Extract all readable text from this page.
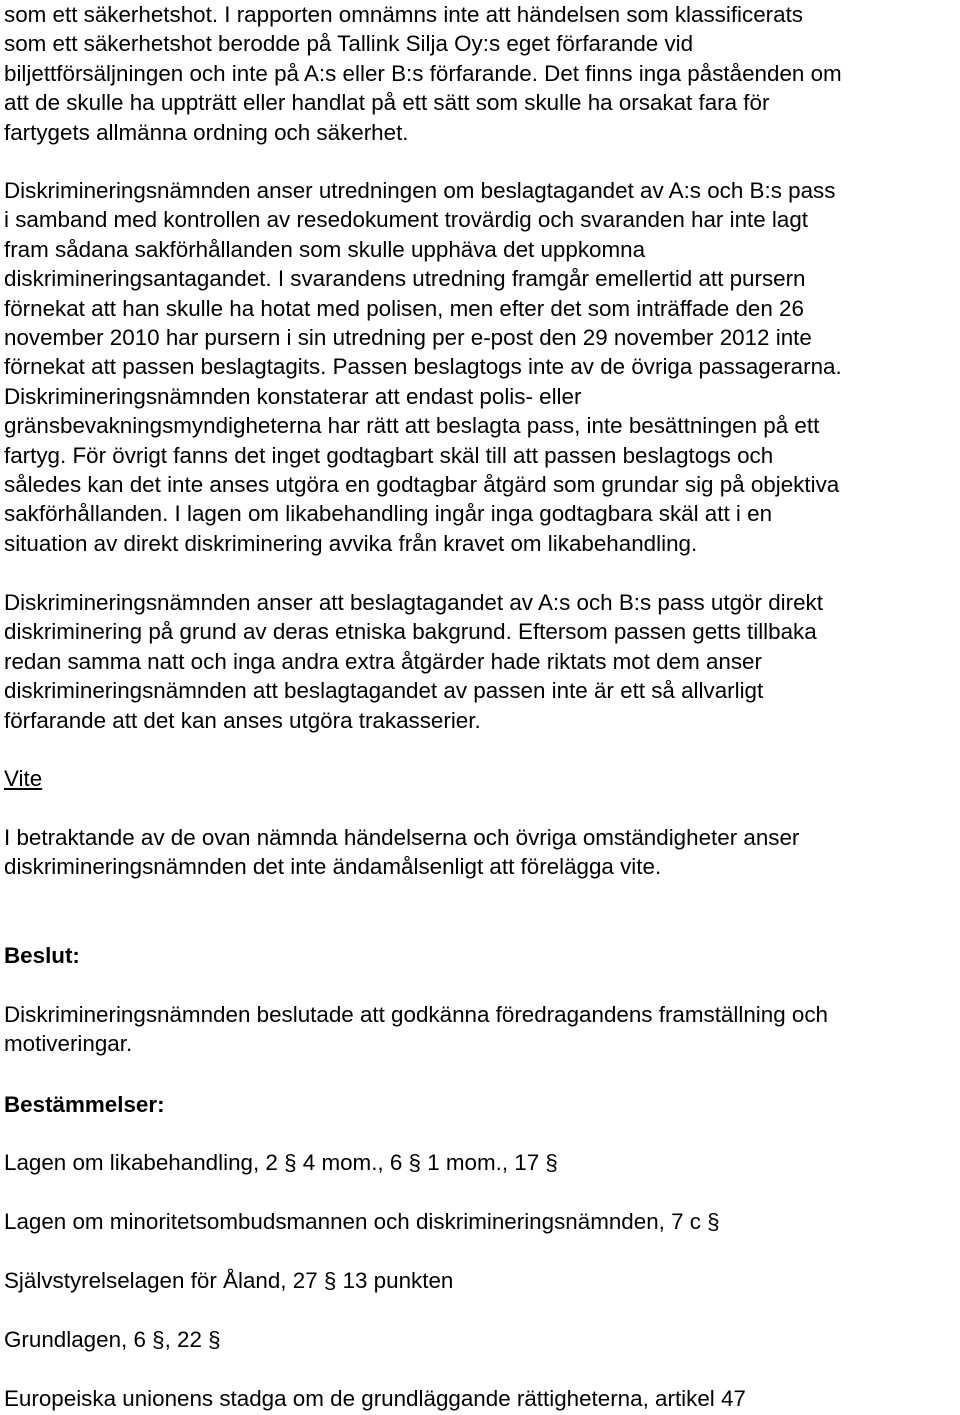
som ett säkerhetshot. I rapporten omnämns inte att händelsen som klassificerats
som ett säkerhetshot berodde på Tallink Silja Oy:s eget förfarande vid
biljettförsäljningen och inte på A:s eller B:s förfarande. Det finns inga påståenden om
att de skulle ha uppträtt eller handlat på ett sätt som skulle ha orsakat fara för
fartygets allmänna ordning och säkerhet.

Diskrimineringsnämnden anser utredningen om beslagtagandet av A:s och B:s pass
i samband med kontrollen av resedokument trovärdig och svaranden har inte lagt
fram sådana sakförhållanden som skulle upphäva det uppkomna
diskrimineringsantagandet. I svarandens utredning framgår emellertid att pursern
förnekat att han skulle ha hotat med polisen, men efter det som inträffade den 26
november 2010 har pursern i sin utredning per e-post den 29 november 2012 inte
förnekat att passen beslagtagits. Passen beslagtogs inte av de övriga passagerarna.
Diskrimineringsnämnden konstaterar att endast polis- eller
gränsbevakningsmyndigheterna har rätt att beslagta pass, inte besättningen på ett
fartyg. För övrigt fanns det inget godtagbart skäl till att passen beslagtogs och
således kan det inte anses utgöra en godtagbar åtgärd som grundar sig på objektiva
sakförhållanden. I lagen om likabehandling ingår inga godtagbara skäl att i en
situation av direkt diskriminering avvika från kravet om likabehandling.

Diskrimineringsnämnden anser att beslagtagandet av A:s och B:s pass utgör direkt
diskriminering på grund av deras etniska bakgrund. Eftersom passen getts tillbaka
redan samma natt och inga andra extra åtgärder hade riktats mot dem anser
diskrimineringsnämnden att beslagtagandet av passen inte är ett så allvarligt
förfarande att det kan anses utgöra trakasserier.

Vite

I betraktande av de ovan nämnda händelserna och övriga omständigheter anser
diskrimineringsnämnden det inte ändamålsenligt att förelägga vite.

Beslut:

Diskrimineringsnämnden beslutade att godkänna föredragandens framställning och
motiveringar.

Bestämmelser:

Lagen om likabehandling, 2 § 4 mom., 6 § 1 mom., 17 §

Lagen om minoritetsombudsmannen och diskrimineringsnämnden, 7 c §

Självstyrelselagen för Åland, 27 § 13 punkten

Grundlagen, 6 §, 22 §

Europeiska unionens stadga om de grundläggande rättigheterna, artikel 47
